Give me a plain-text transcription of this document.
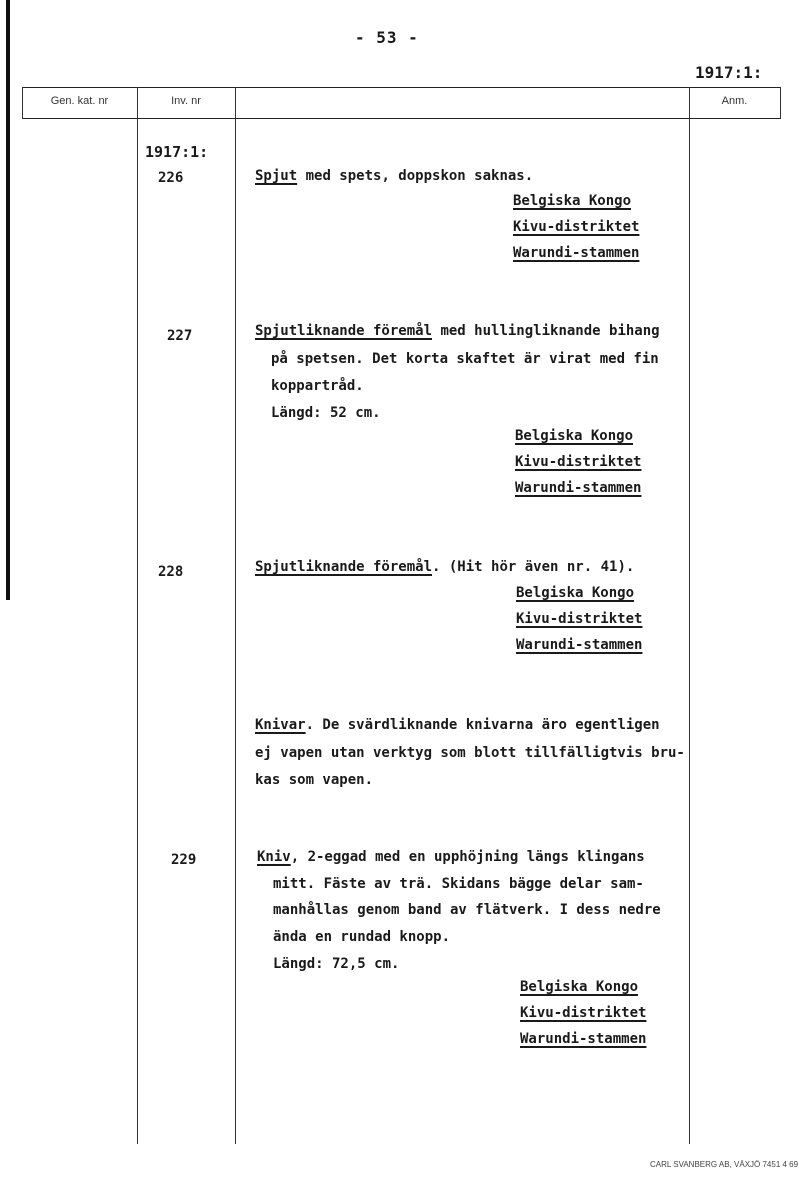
- 53 -
1917:1:
Gen. kat. nr	Inv. nr	Anm.
1917:1:
226	Spjut med spets, doppskon saknas.
Belgiska Kongo
Kivu-distriktet
Warundi-stammen
227	Spjutliknande föremål med hullingliknande bihang
på spetsen. Det korta skaftet är virat med fin
koppartråd.
Längd: 52 cm.
Belgiska Kongo
Kivu-distriktet
Warundi-stammen
228	Spjutliknande föremål. (Hit hör även nr. 41).
Belgiska Kongo
Kivu-distriktet
Warundi-stammen
Knivar. De svärdliknande knivarna äro egentligen
ej vapen utan verktyg som blott tillfälligtvis bru-
kas som vapen.
229	Kniv, 2-eggad med en upphöjning längs klingans
mitt. Fäste av trä. Skidans bägge delar sam-
manhållas genom band av flätverk. I dess nedre
ända en rundad knopp.
Längd: 72,5 cm.
Belgiska Kongo
Kivu-distriktet
Warundi-stammen
CARL SVANBERG AB, VÄXJÖ 7451 4 69
